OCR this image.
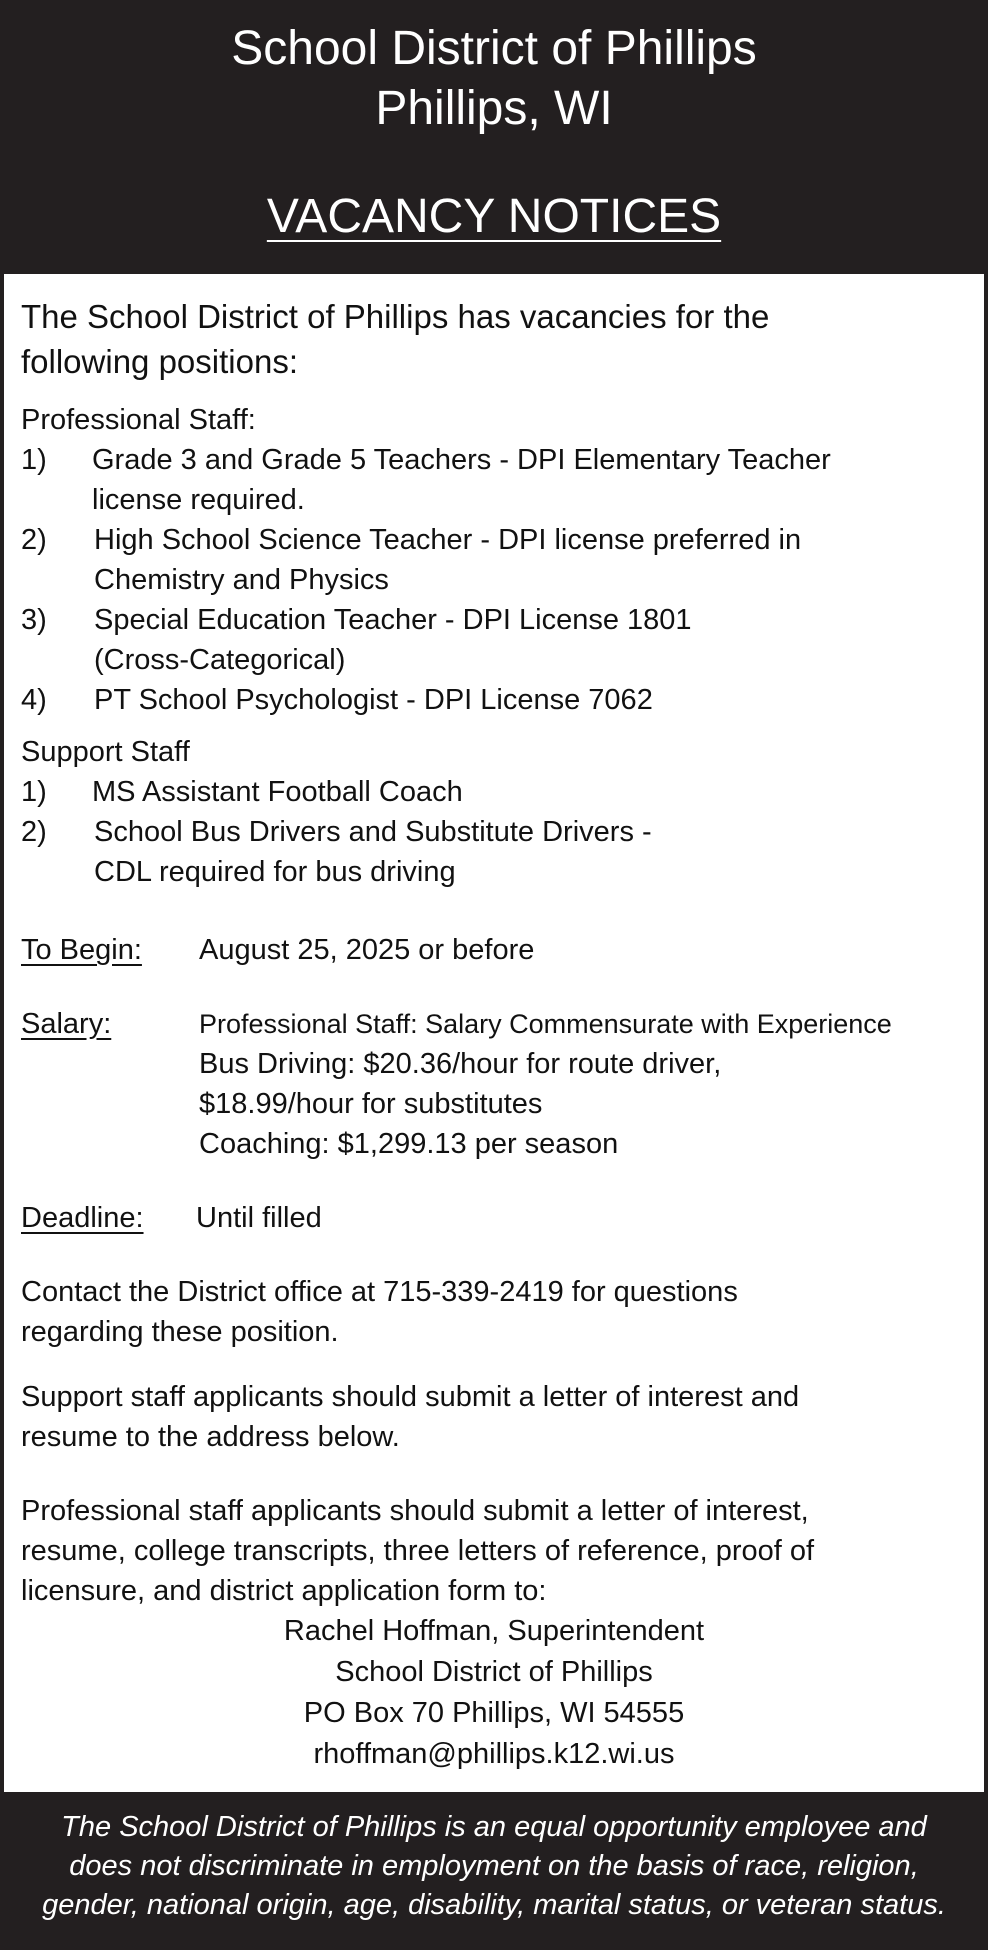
School District of Phillips
Phillips, WI
VACANCY NOTICES
The School District of Phillips has vacancies for the
following positions:
Professional Staff:
1) Grade 3 and Grade 5 Teachers - DPI Elementary Teacher
license required.
2) High School Science Teacher - DPI license preferred in
Chemistry and Physics
3) Special Education Teacher - DPI License 1801
(Cross-Categorical)
4) PT School Psychologist - DPI License 7062
Support Staff
1) MS Assistant Football Coach
2) School Bus Drivers and Substitute Drivers -
CDL required for bus driving
To Begin: August 25, 2025 or before
Salary:	Professional Staff: Salary Commensurate with Experience
Bus Driving: $20.36/hour for route driver,
$18.99/hour for substitutes
Coaching: $1,299.13 per season
Deadline: Until filled
Contact the District office at 715-339-2419 for questions
regarding these position.
Support staff applicants should submit a letter of interest and
resume to the address below.
Professional staff applicants should submit a letter of interest,
resume, college transcripts, three letters of reference, proof of
licensure, and district application form to:
Rachel Hoffman, Superintendent
School District of Phillips
PO Box 70 Phillips, WI 54555
rhoffman@phillips.k12.wi.us
The School District of Phillips is an equal opportunity employee and
does not discriminate in employment on the basis of race, religion,
gender, national origin, age, disability, marital status, or veteran status.
